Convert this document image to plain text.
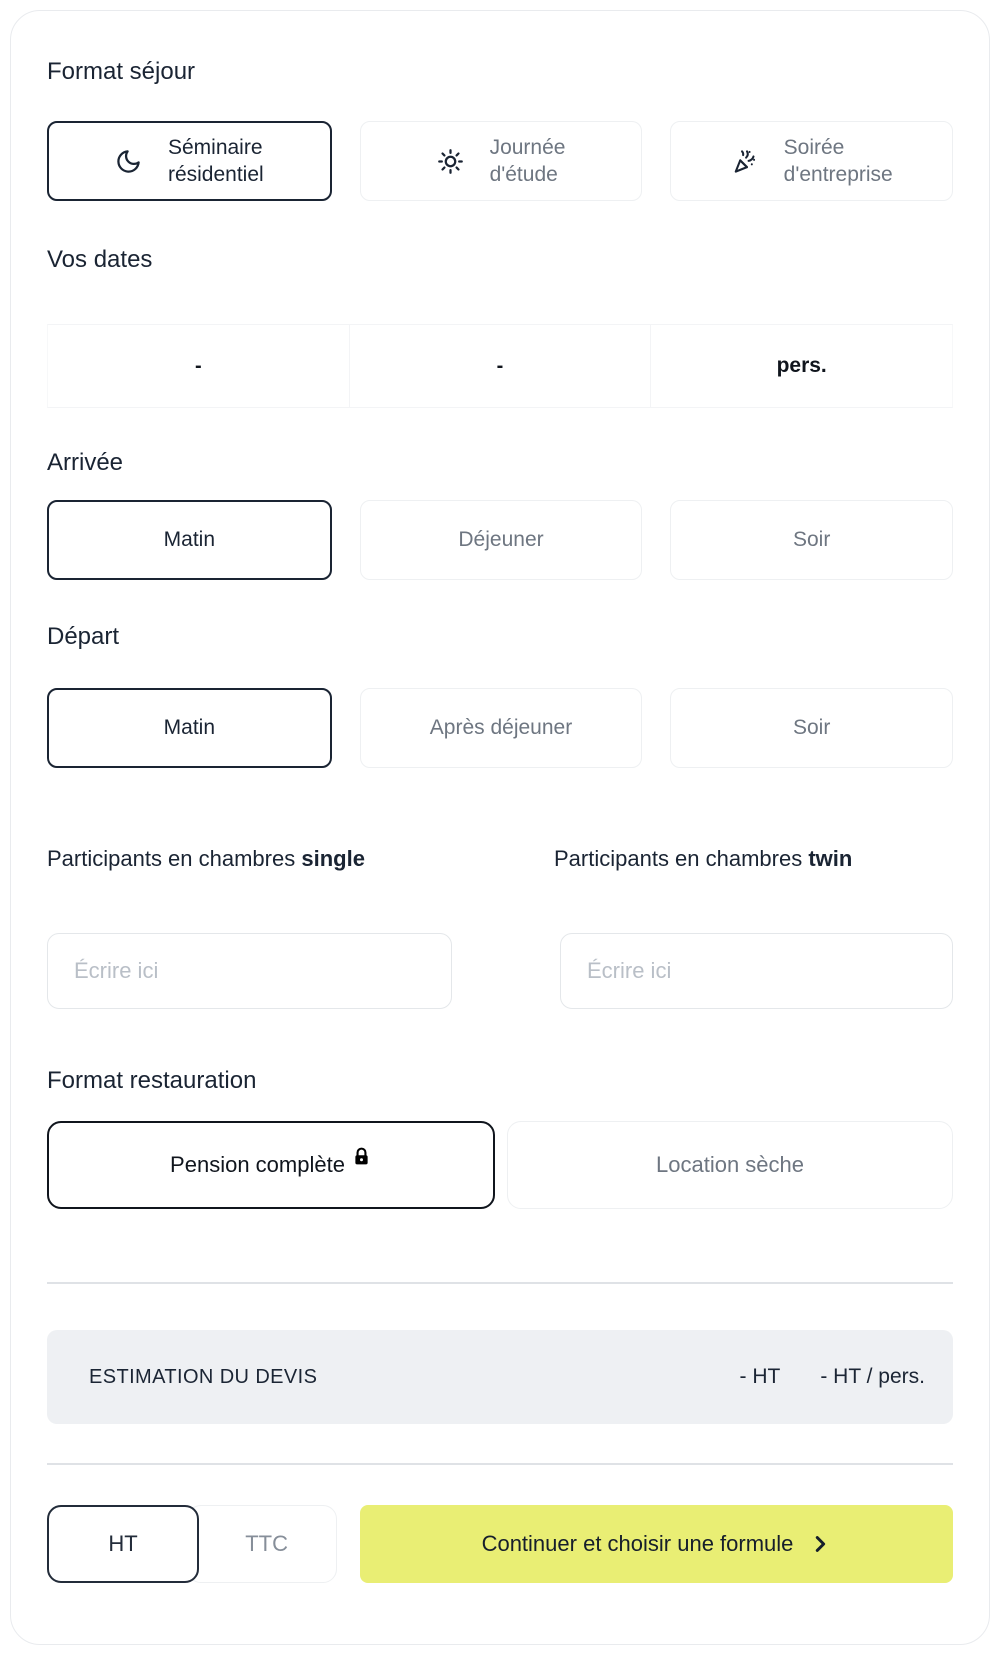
Format séjour
Séminaire
résidentiel
Journée
d'étude
Soirée
d'entreprise
Vos dates
-	-	pers.
Arrivée
Matin	Déjeuner	Soir
Départ
Matin	Après déjeuner	Soir
Participants en chambres single	Participants en chambres twin
Écrire ici
Écrire ici
Format restauration
Pension complète	Location sèche
ESTIMATION DU DEVIS	- HT - HT / pers.
TTC
HT	Continuer et choisir une formule
